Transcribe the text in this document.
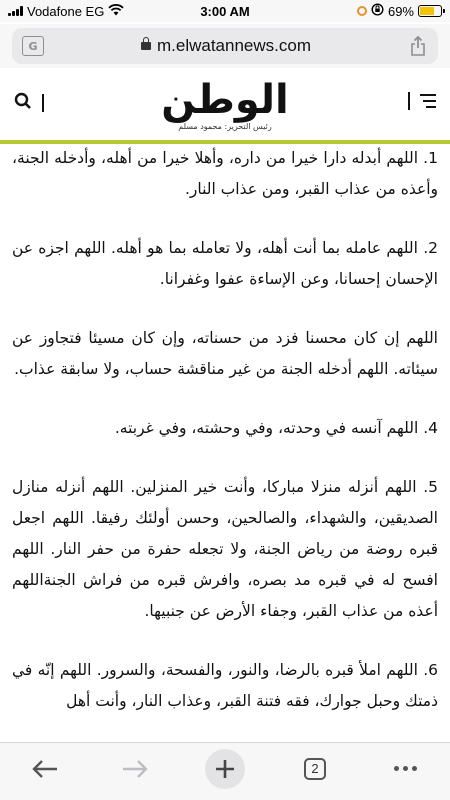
Vodafone EG	3:00 AM	69%
G	m.elwatannews.com
الوطن
رئيس التحرير: محمود مسلم

1. اللهم أبدله دارا خيرا من داره، وأهلا خيرا من أهله، وأدخله الجنة، وأعذه من عذاب القبر، ومن عذاب النار.

2. اللهم عامله بما أنت أهله، ولا تعامله بما هو أهله. اللهم اجزه عن الإحسان إحسانا، وعن الإساءة عفوا وغفرانا.

اللهم إن كان محسنا فزد من حسناته، وإن كان مسيئا فتجاوز عن سيئاته. اللهم أدخله الجنة من غير مناقشة حساب، ولا سابقة عذاب.

4. اللهم آنسه في وحدته، وفي وحشته، وفي غربته.

5. اللهم أنزله منزلا مباركا، وأنت خير المنزلين. اللهم أنزله منازل الصديقين، والشهداء، والصالحين، وحسن أولئك رفيقا. اللهم اجعل قبره روضة من رياض الجنة، ولا تجعله حفرة من حفر النار. اللهم افسح له في قبره مد بصره، وافرش قبره من فراش الجنةاللهم أعذه من عذاب القبر، وجفاء الأرض عن جنبيها.

6. اللهم املأ قبره بالرضا، والنور، والفسحة، والسرور. اللهم إنّه في ذمتك وحبل جوارك، فقه فتنة القبر، وعذاب النار، وأنت أهل

2
